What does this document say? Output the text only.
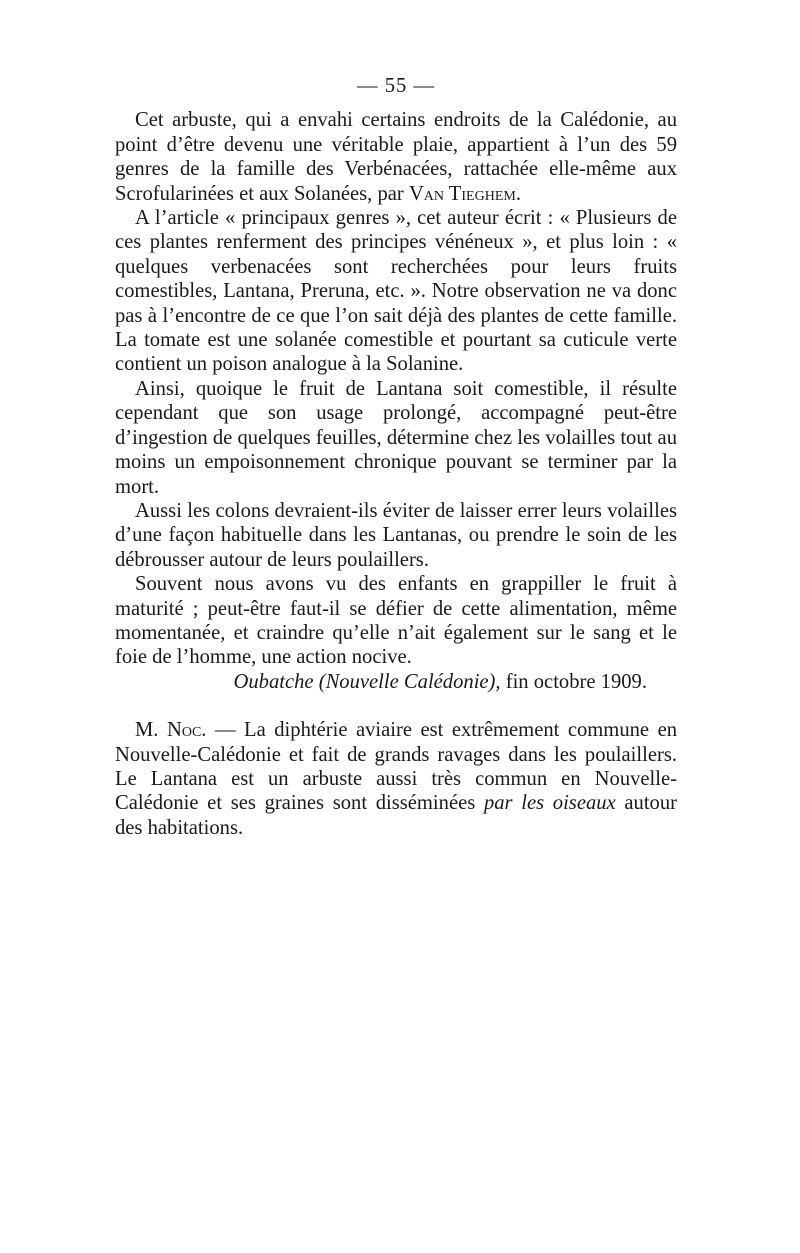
— 55 —

Cet arbuste, qui a envahi certains endroits de la Calédonie, au point d’être devenu une véritable plaie, appartient à l’un des 59 genres de la famille des Verbénacées, rattachée elle-même aux Scrofularinées et aux Solanées, par Van Tieghem.

A l’article « principaux genres », cet auteur écrit : « Plusieurs de ces plantes renferment des principes vénéneux », et plus loin : « quelques verbenacées sont recherchées pour leurs fruits comestibles, Lantana, Preruna, etc. ». Notre observation ne va donc pas à l’encontre de ce que l’on sait déjà des plantes de cette famille. La tomate est une solanée comestible et pourtant sa cuticule verte contient un poison analogue à la Solanine.

Ainsi, quoique le fruit de Lantana soit comestible, il résulte cependant que son usage prolongé, accompagné peut-être d’ingestion de quelques feuilles, détermine chez les volailles tout au moins un empoisonnement chronique pouvant se terminer par la mort.

Aussi les colons devraient-ils éviter de laisser errer leurs volailles d’une façon habituelle dans les Lantanas, ou prendre le soin de les débrousser autour de leurs poulaillers.

Souvent nous avons vu des enfants en grappiller le fruit à maturité ; peut-être faut-il se défier de cette alimentation, même momentanée, et craindre qu’elle n’ait également sur le sang et le foie de l’homme, une action nocive.

Oubatche (Nouvelle Calédonie), fin octobre 1909.

M. Noc. — La diphtérie aviaire est extrêmement commune en Nouvelle-Calédonie et fait de grands ravages dans les poulaillers. Le Lantana est un arbuste aussi très commun en Nouvelle-Calédonie et ses graines sont disséminées par les oiseaux autour des habitations.
